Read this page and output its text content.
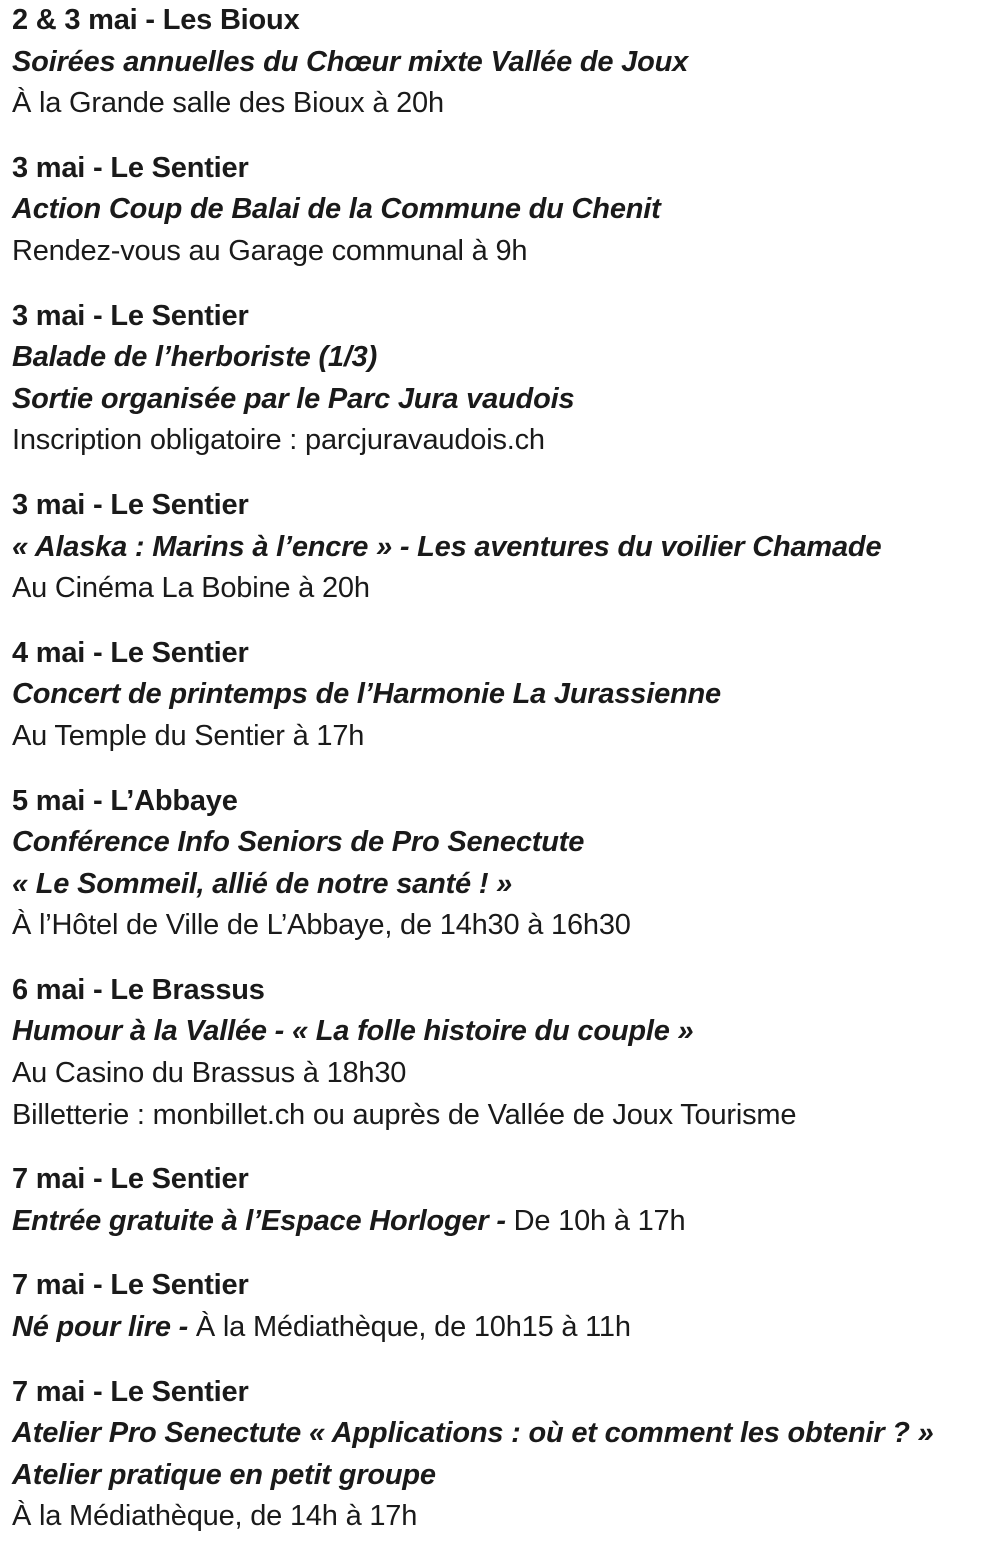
2 & 3 mai - Les Bioux
Soirées annuelles du Chœur mixte Vallée de Joux
À la Grande salle des Bioux à 20h
3 mai - Le Sentier
Action Coup de Balai de la Commune du Chenit
Rendez-vous au Garage communal à 9h
3 mai - Le Sentier
Balade de l’herboriste (1/3)
Sortie organisée par le Parc Jura vaudois
Inscription obligatoire : parcjuravaudois.ch
3 mai - Le Sentier
« Alaska : Marins à l’encre » - Les aventures du voilier Chamade
Au Cinéma La Bobine à 20h
4 mai - Le Sentier
Concert de printemps de l’Harmonie La Jurassienne
Au Temple du Sentier à 17h
5 mai - L’Abbaye
Conférence Info Seniors de Pro Senectute
« Le Sommeil, allié de notre santé ! »
À l’Hôtel de Ville de L’Abbaye, de 14h30 à 16h30
6 mai - Le Brassus
Humour à la Vallée - « La folle histoire du couple »
Au Casino du Brassus à 18h30
Billetterie : monbillet.ch ou auprès de Vallée de Joux Tourisme
7 mai - Le Sentier
Entrée gratuite à l’Espace Horloger - De 10h à 17h
7 mai - Le Sentier
Né pour lire - À la Médiathèque, de 10h15 à 11h
7 mai - Le Sentier
Atelier Pro Senectute « Applications : où et comment les obtenir ? »
Atelier pratique en petit groupe
À la Médiathèque, de 14h à 17h
